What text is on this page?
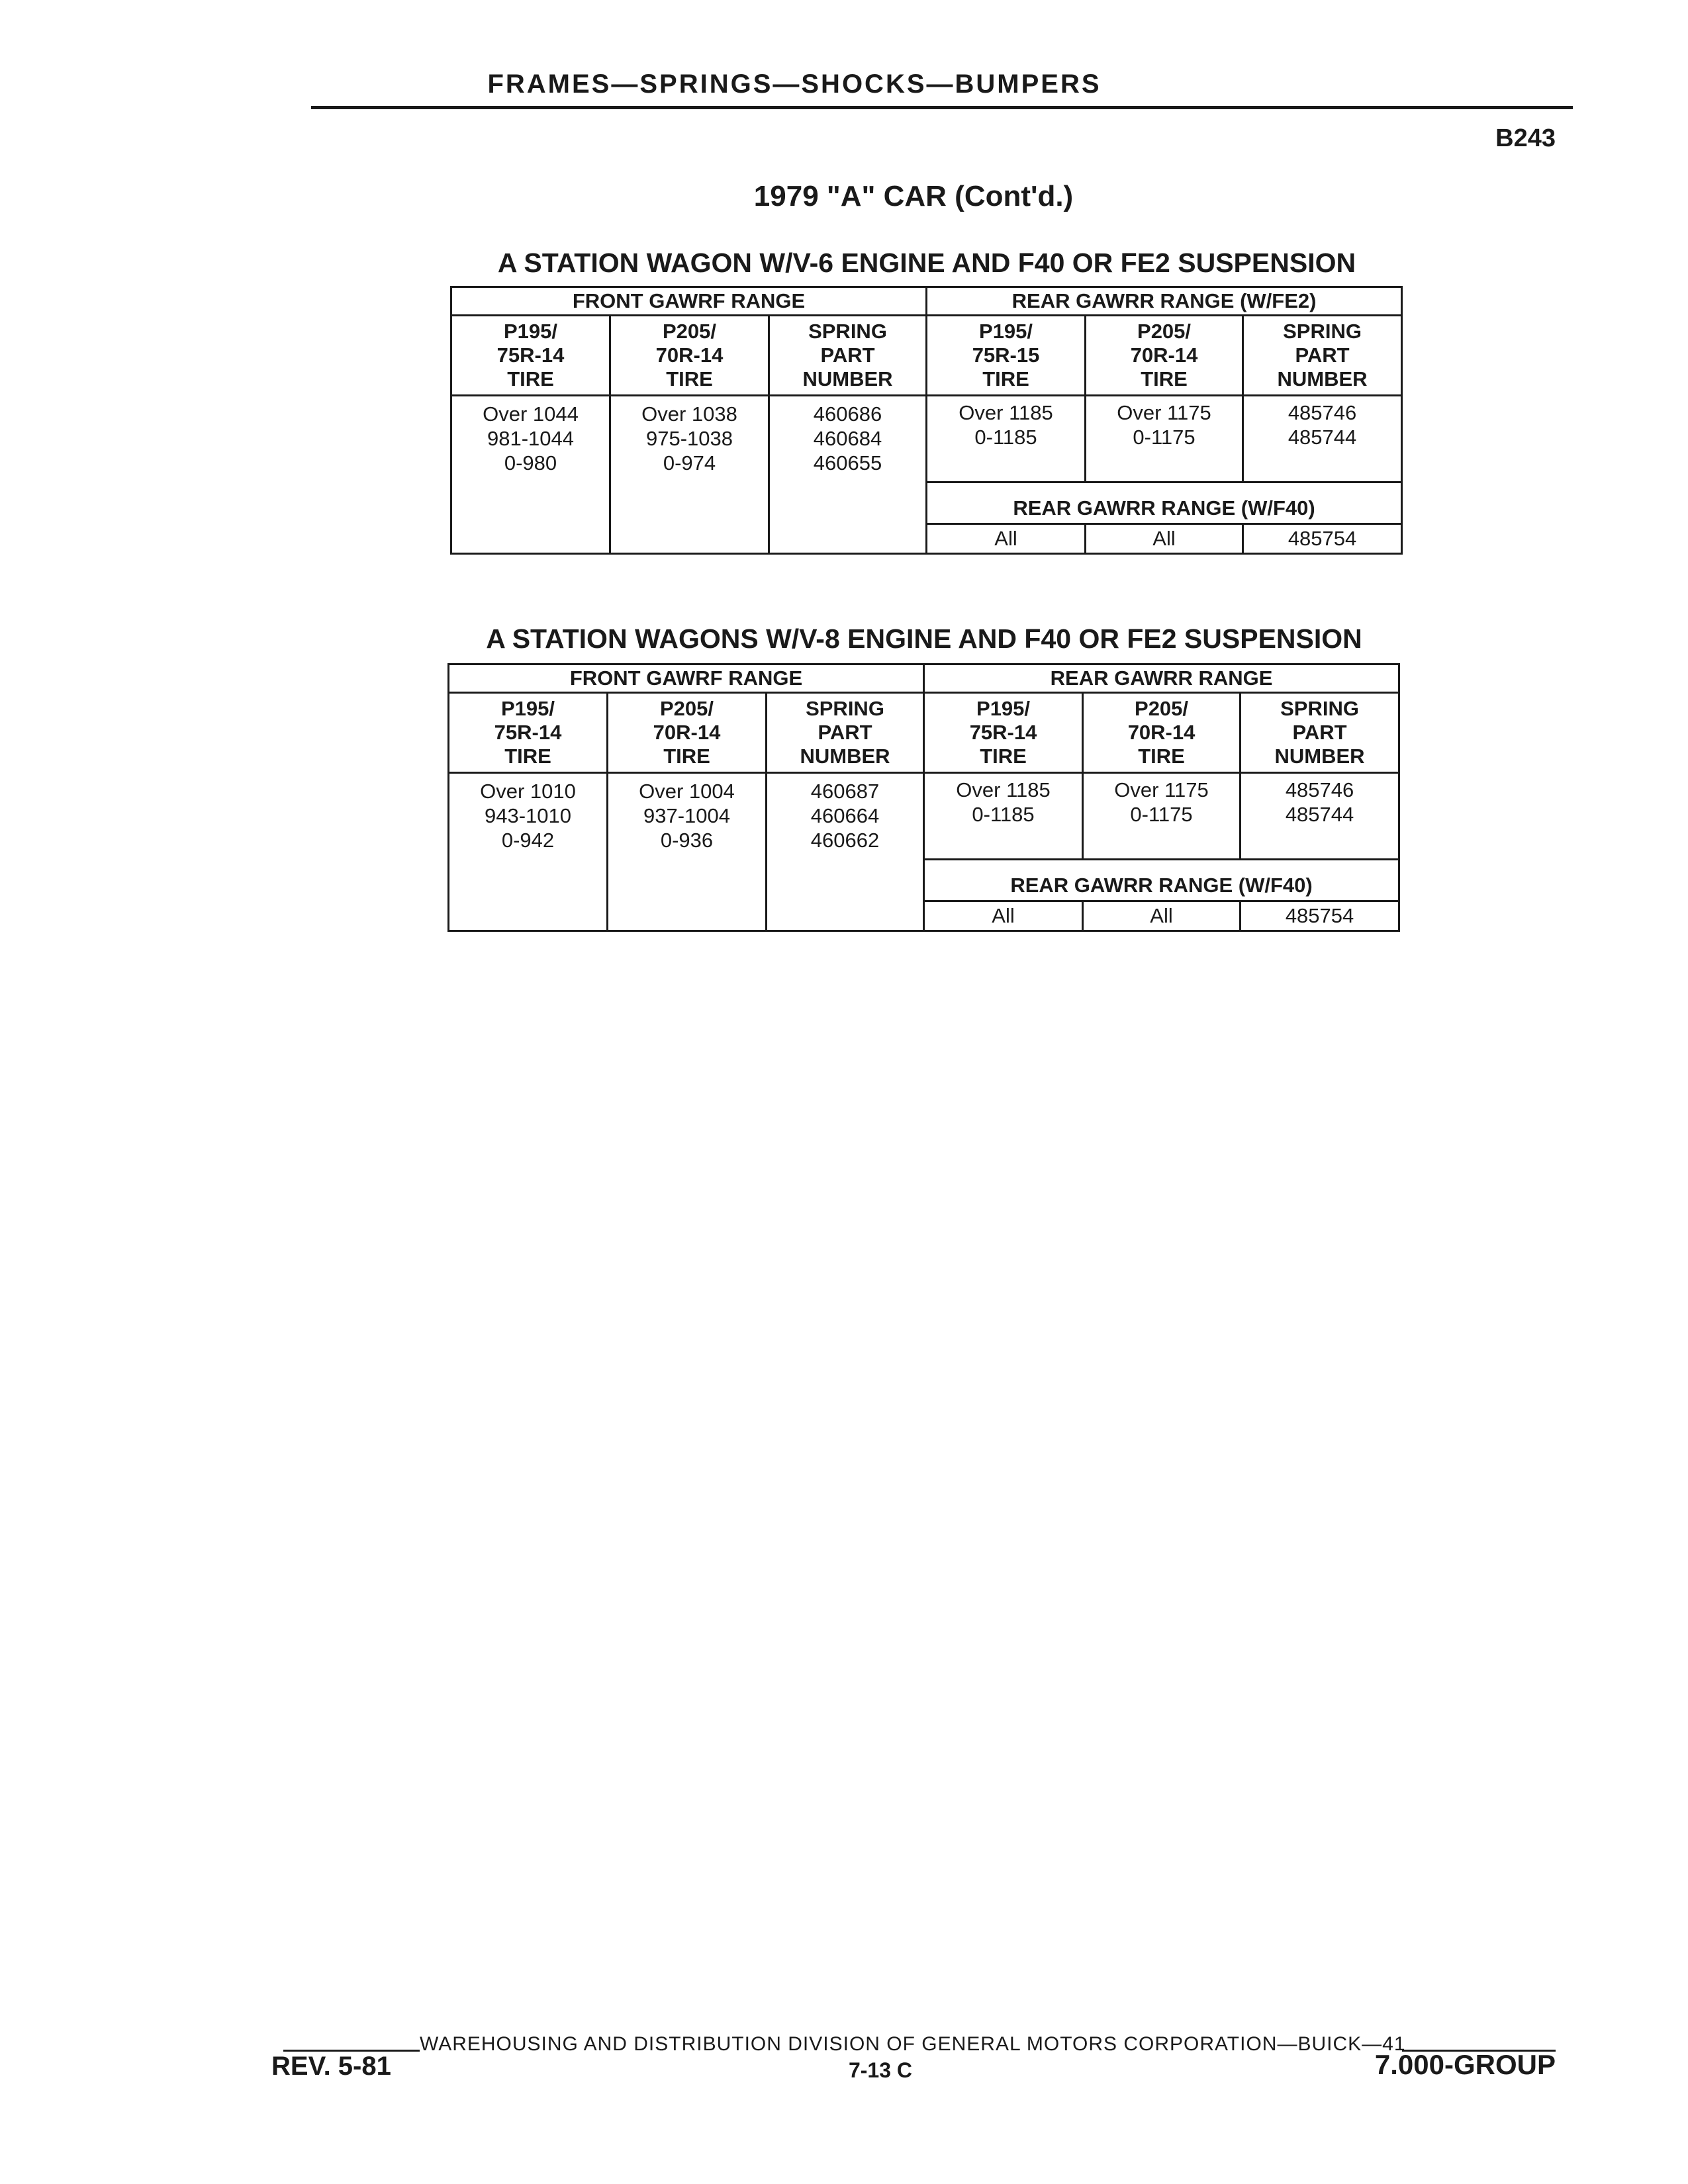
FRAMES—SPRINGS—SHOCKS—BUMPERS
B243
1979 "A" CAR (Cont'd.)
A STATION WAGON W/V-6 ENGINE AND F40 OR FE2 SUSPENSION
FRONT GAWRF RANGE			REAR GAWRR RANGE (W/FE2)		

P195/
75R-14
TIRE	P205/
70R-14
TIRE	SPRING
PART
NUMBER	P195/
75R-15
TIRE	P205/
70R-14
TIRE	SPRING
PART
NUMBER

Over 1044
981-1044
0-980	Over 1038
975-1038
0-974	460686
460684
460655	Over 1185
0-1185	Over 1175
0-1175	485746
485744

			REAR GAWRR RANGE (W/F40)		
			All	All	485754
A STATION WAGONS W/V-8 ENGINE AND F40 OR FE2 SUSPENSION
FRONT GAWRF RANGE			REAR GAWRR RANGE		

P195/
75R-14
TIRE	P205/
70R-14
TIRE	SPRING
PART
NUMBER	P195/
75R-14
TIRE	P205/
70R-14
TIRE	SPRING
PART
NUMBER

Over 1010
943-1010
0-942	Over 1004
937-1004
0-936	460687
460664
460662	Over 1185
0-1185	Over 1175
0-1175	485746
485744

			REAR GAWRR RANGE (W/F40)		
			All	All	485754
WAREHOUSING AND DISTRIBUTION DIVISION OF GENERAL MOTORS CORPORATION—BUICK—41
REV. 5-81	7-13 C	7.000-GROUP
